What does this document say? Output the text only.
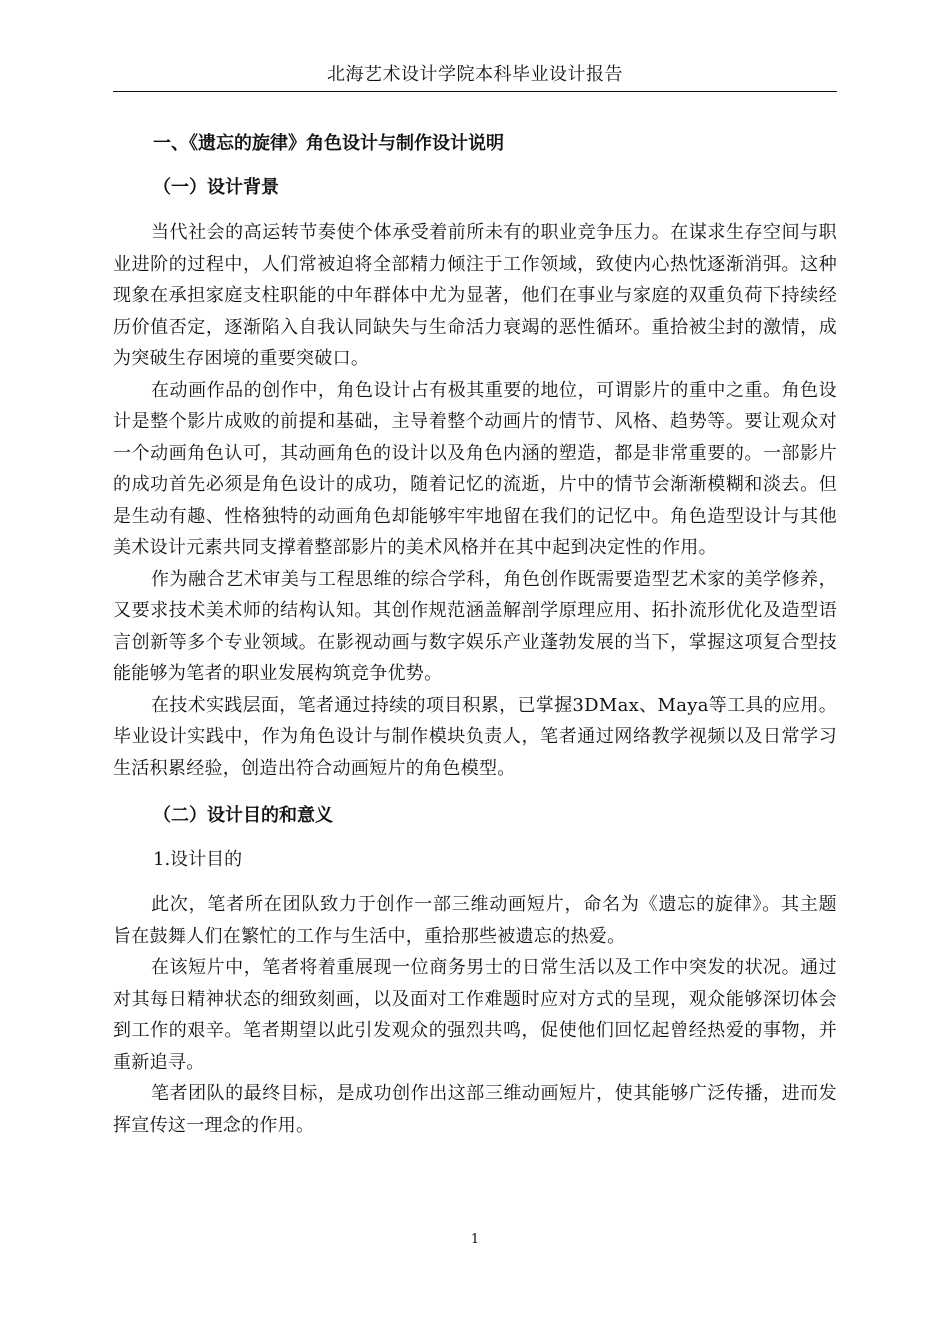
北海艺术设计学院本科毕业设计报告
一、《遗忘的旋律》角色设计与制作设计说明
（一）设计背景

当代社会的高运转节奏使个体承受着前所未有的职业竞争压力。在谋求生存空间与职业进阶的过程中，人们常被迫将全部精力倾注于工作领域，致使内心热忱逐渐消弭。这种现象在承担家庭支柱职能的中年群体中尤为显著，他们在事业与家庭的双重负荷下持续经历价值否定，逐渐陷入自我认同缺失与生命活力衰竭的恶性循环。重拾被尘封的激情，成为突破生存困境的重要突破口。

在动画作品的创作中，角色设计占有极其重要的地位，可谓影片的重中之重。角色设计是整个影片成败的前提和基础，主导着整个动画片的情节、风格、趋势等。要让观众对一个动画角色认可，其动画角色的设计以及角色内涵的塑造，都是非常重要的。一部影片的成功首先必须是角色设计的成功，随着记忆的流逝，片中的情节会渐渐模糊和淡去。但是生动有趣、性格独特的动画角色却能够牢牢地留在我们的记忆中。角色造型设计与其他美术设计元素共同支撑着整部影片的美术风格并在其中起到决定性的作用。

作为融合艺术审美与工程思维的综合学科，角色创作既需要造型艺术家的美学修养，又要求技术美术师的结构认知。其创作规范涵盖解剖学原理应用、拓扑流形优化及造型语言创新等多个专业领域。在影视动画与数字娱乐产业蓬勃发展的当下，掌握这项复合型技能能够为笔者的职业发展构筑竞争优势。

在技术实践层面，笔者通过持续的项目积累，已掌握3DMax、Maya等工具的应用。毕业设计实践中，作为角色设计与制作模块负责人，笔者通过网络教学视频以及日常学习生活积累经验，创造出符合动画短片的角色模型。

（二）设计目的和意义
1.设计目的

此次，笔者所在团队致力于创作一部三维动画短片，命名为《遗忘的旋律》。其主题旨在鼓舞人们在繁忙的工作与生活中，重拾那些被遗忘的热爱。

在该短片中，笔者将着重展现一位商务男士的日常生活以及工作中突发的状况。通过对其每日精神状态的细致刻画，以及面对工作难题时应对方式的呈现，观众能够深切体会到工作的艰辛。笔者期望以此引发观众的强烈共鸣，促使他们回忆起曾经热爱的事物，并重新追寻。

笔者团队的最终目标，是成功创作出这部三维动画短片，使其能够广泛传播，进而发挥宣传这一理念的作用。

1
